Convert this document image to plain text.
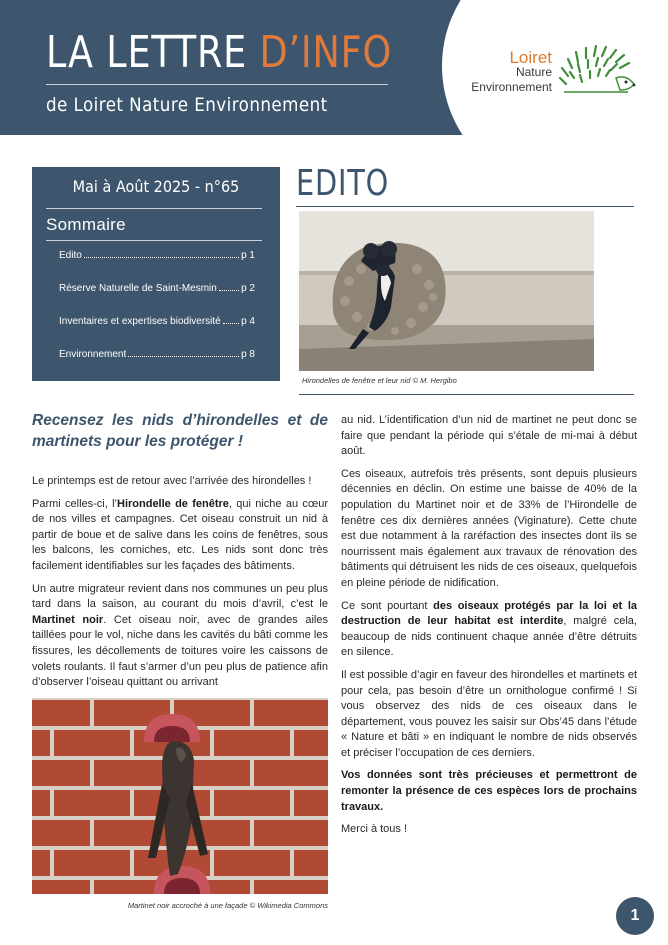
LA LETTRE D’INFO
de Loiret Nature Environnement
Loiret
Nature
Environnement
Mai à Août 2025 - n°65
Sommaire
Edito	p 1
Réserve Naturelle de Saint-Mesmin p 2
Inventaires et expertises biodiversité p 4
Environnement	p 8
EDITO
Hirondelles de fenêtre et leur nid © M. Hergibo
Recensez les nids d’hirondelles et de martinets pour les protéger !

Le printemps est de retour avec l’arrivée des hirondelles !

Parmi celles-ci, l’Hirondelle de fenêtre, qui niche au cœur de nos villes et campagnes. Cet oiseau construit un nid à partir de boue et de salive dans les coins de fenêtres, sous les balcons, les corniches, etc. Les nids sont donc très facilement identifiables sur les façades des bâtiments.

Un autre migrateur revient dans nos communes un peu plus tard dans la saison, au courant du mois d’avril, c’est le Martinet noir. Cet oiseau noir, avec de grandes ailes taillées pour le vol, niche dans les cavités du bâti comme les fissures, les décollements de toitures voire les caissons de volets roulants. Il faut s’armer d’un peu plus de patience afin d’observer l’oiseau quittant ou arrivant

Martinet noir accroché à une façade © Wikimedia Commons

au nid. L’identification d’un nid de martinet ne peut donc se faire que pendant la période qui s’étale de mi-mai à début août.

Ces oiseaux, autrefois très présents, sont depuis plusieurs décennies en déclin. On estime une baisse de 40% de la population du Martinet noir et de 33% de l’Hirondelle de fenêtre ces dix dernières années (Viginature). Cette chute est due notamment à la raréfaction des insectes dont ils se nourrissent mais également aux travaux de rénovation des bâtiments qui détruisent les nids de ces oiseaux, quelquefois en pleine période de nidification.

Ce sont pourtant des oiseaux protégés par la loi et la destruction de leur habitat est interdite, malgré cela, beaucoup de nids continuent chaque année d’être détruits en silence.

Il est possible d’agir en faveur des hirondelles et martinets et pour cela, pas besoin d’être un ornithologue confirmé ! Si vous observez des nids de ces oiseaux dans le département, vous pouvez les saisir sur Obs’45 dans l’étude « Nature et bâti » en indiquant le nombre de nids observés et préciser l’occupation de ces derniers.

Vos données sont très précieuses et permettront de remonter la présence de ces espèces lors de prochains travaux.

Merci à tous !

1
